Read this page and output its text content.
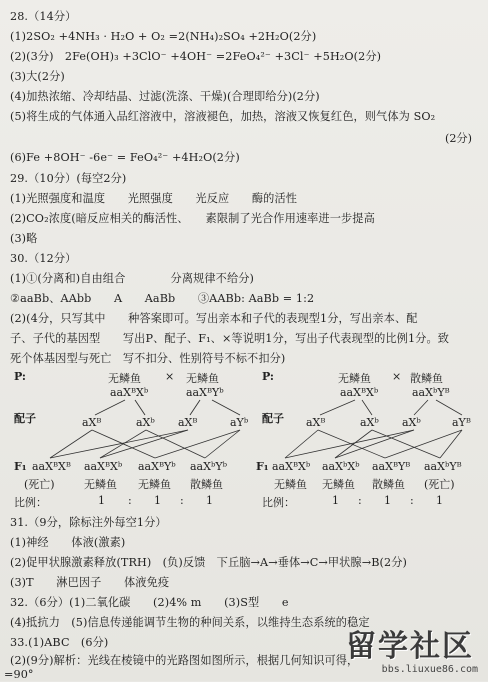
28.（14分）
(1)2SO₂ +4NH₃ · H₂O + O₂ =2(NH₄)₂SO₄ +2H₂O(2分)
(2)(3分)　2Fe(OH)₃ +3ClO⁻ +4OH⁻ =2FeO₄²⁻ +3Cl⁻ +5H₂O(2分)
(3)大(2分)
(4)加热浓缩、冷却结晶、过滤(洗涤、干燥)(合理即给分)(2分)
(5)将生成的气体通入品红溶液中，溶液褪色，加热，溶液又恢复红色，则气体为 SO₂
(2分)
(6)Fe +8OH⁻ -6e⁻ = FeO₄²⁻ +4H₂O(2分)
29.（10分）(每空2分)
(1)光照强度和温度　　光照强度　　光反应　　酶的活性
(2)CO₂浓度(暗反应相关的酶活性、　　素限制了光合作用速率进一步提高
(3)略
30.（12分）
(1)①(分离和)自由组合　　　　分离规律不给分)
②aaBb、AAbb　　A　　AaBb　　③AABb: AaBb = 1:2
(2)(4分，只写其中　　种答案即可。写出亲本和子代的表现型1分，写出亲本、配
子、子代的基因型　　写出P、配子、F₁、×等说明1分，写出子代表现型的比例1分。致
死个体基因型与死亡　写不扣分、性别符号不标不扣分)
P:	无鳞鱼 × 无鳞鱼
aaXᴮXᵇ	aaXᴮYᵇ
配子	aXᴮ	aXᵇ aXᴮ	aYᵇ
F₁ aaXᴮXᴮ aaXᴮXᵇ aaXᴮYᵇ aaXᵇYᵇ
(死亡)	无鳞鱼 无鳞鱼 散鳞鱼
比例：	1 : 1 : 1
P:	无鳞鱼 × 散鳞鱼
aaXᴮXᵇ	aaXᵇYᴮ
配子 aXᴮ	aXᵇ aXᵇ	aYᴮ
F₁ aaXᴮXᵇ aaXᵇXᵇ aaXᴮYᴮ aaXᵇYᴮ
无鳞鱼 无鳞鱼 散鳞鱼 (死亡)
比例：	1 : 1 : 1
31.（9分，除标注外每空1分）
(1)神经　　体液(激素)
(2)促甲状腺激素释放(TRH)　(负)反馈　下丘脑→A→垂体→C→甲状腺→B(2分)
(3)T　　淋巴因子　　体液免疫
32.（6分）(1)二氧化碳　　(2)4% m　　(3)S型　　e
(4)抵抗力　(5)信息传递能调节生物的种间关系，以维持生态系统的稳定
33.(1)ABC　(6分)
(2)(9分)解析：光线在棱镜中的光路图如图所示，根据几何知识可得，
=90°
留学社区
bbs.liuxue86.com
